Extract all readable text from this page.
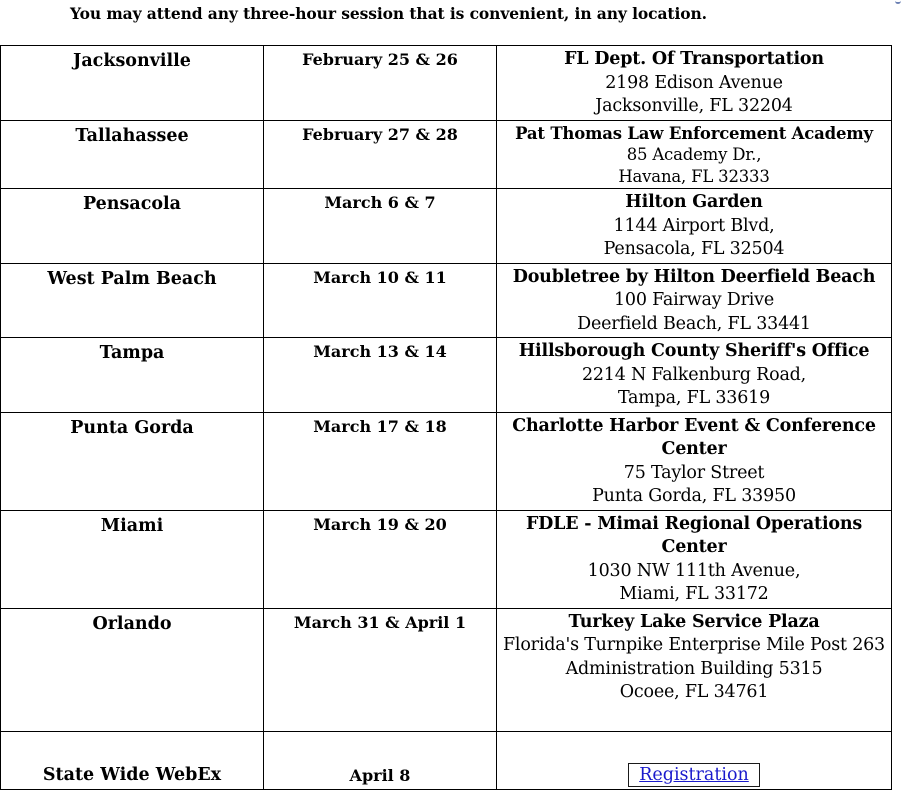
You may attend any three-hour session that is convenient, in any location.
Jacksonville	February 25 & 26	FL Dept. Of Transportation
2198 Edison Avenue
Jacksonville, FL 32204

Tallahassee	February 27 & 28	Pat Thomas Law Enforcement Academy
85 Academy Dr.,
Havana, FL 32333

Pensacola	March 6 & 7	Hilton Garden
1144 Airport Blvd,
Pensacola, FL 32504

West Palm Beach	March 10 & 11	Doubletree by Hilton Deerfield Beach
100 Fairway Drive
Deerfield Beach, FL 33441

Tampa	March 13 & 14	Hillsborough County Sheriff's Office
2214 N Falkenburg Road,
Tampa, FL 33619

Punta Gorda	March 17 & 18	Charlotte Harbor Event & Conference Center
75 Taylor Street
Punta Gorda, FL 33950

Miami	March 19 & 20	FDLE - Mimai Regional Operations Center
1030 NW 111th Avenue,
Miami, FL 33172

Orlando	March 31 & April 1	Turkey Lake Service Plaza
Florida's Turnpike Enterprise Mile Post 263
Administration Building 5315
Ocoee, FL 34761

State Wide WebEx	April 8	Registration
